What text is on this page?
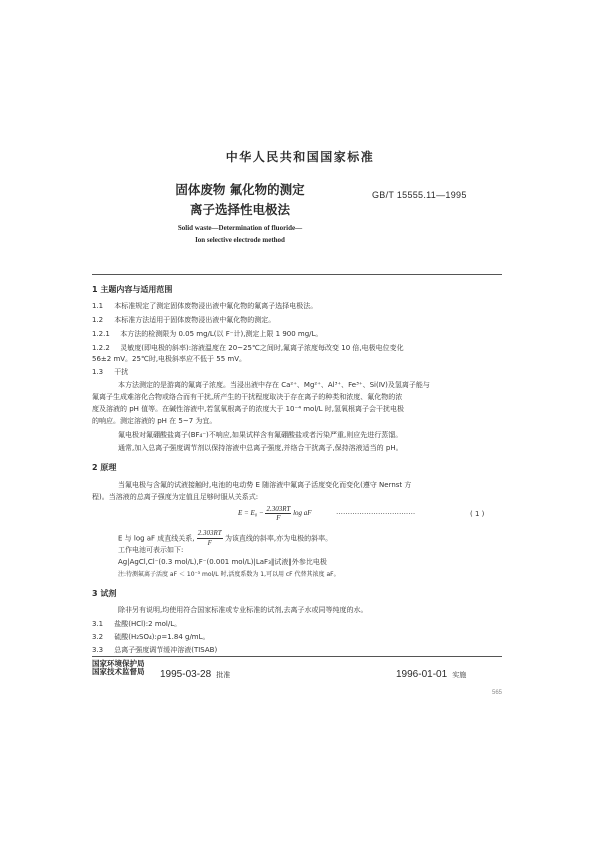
中华人民共和国国家标准
固体废物 氟化物的测定
离子选择性电极法
GB/T 15555.11—1995
Solid waste—Determination of fluoride—
Ion selective electrode method
1 主题内容与适用范围
1.1 本标准规定了测定固体废物浸出液中氟化物的氟离子选择电极法。
1.2 本标准方法适用于固体废物浸出液中氟化物的测定。
1.2.1 本方法的检测限为 0.05 mg/L(以 F⁻计),测定上限 1 900 mg/L。
1.2.2 灵敏度(即电极的斜率):溶液温度在 20~25℃之间时,氟离子浓度每改变 10 倍,电极电位变化
56±2 mV。25℃时,电极斜率应不低于 55 mV。
1.3 干扰
本方法测定的是游离的氟离子浓度。当浸出液中存在 Ca²⁺、Mg²⁺、Al³⁺、Fe³⁺、Si(Ⅳ)及氢离子能与
氟离子生成难溶化合物或络合而有干扰,所产生的干扰程度取决于存在离子的种类和浓度、氟化物的浓
度及溶液的 pH 值等。在碱性溶液中,若氢氧根离子的浓度大于 10⁻⁴ mol/L 时,氢氧根离子会干扰电极
的响应。测定溶液的 pH 在 5~7 为宜。
氟电极对氟硼酸盐离子(BF₄⁻)不响应,如果试样含有氟硼酸盐或者污染严重,则应先进行蒸馏。
通常,加入总离子强度调节剂以保持溶液中总离子强度,并络合干扰离子,保持溶液适当的 pH。
2 原理
当氟电极与含氟的试液接触时,电池的电动势 E 随溶液中氟离子活度变化而变化(遵守 Nernst 方
程)。当溶液的总离子强度为定值且足够时服从关系式:
$E = E_0 - \frac{2.303RT}{F}$ log aF	··································	( 1 )
E 与 log aF 成直线关系, $\frac{2.303RT}{F}$ 为该直线的斜率,亦为电极的斜率。
工作电池可表示如下:
Ag|AgCl,Cl⁻(0.3 mol/L),F⁻(0.001 mol/L)|LaF₃‖试液‖外参比电极
注:待测氟离子活度 aF ＜ 10⁻³ mol/L 时,活度系数为 1,可以用 cF 代替其浓度 aF。
3 试剂
除非另有说明,均使用符合国家标准或专业标准的试剂,去离子水或同等纯度的水。
3.1 盐酸(HCl):2 mol/L。
3.2 硫酸(H₂SO₄):ρ=1.84 g/mL。
3.3 总离子强度调节缓冲溶液(TISAB)
国家环境保护局
国家技术监督局 1995-03-28 批准	1996-01-01 实施
565
